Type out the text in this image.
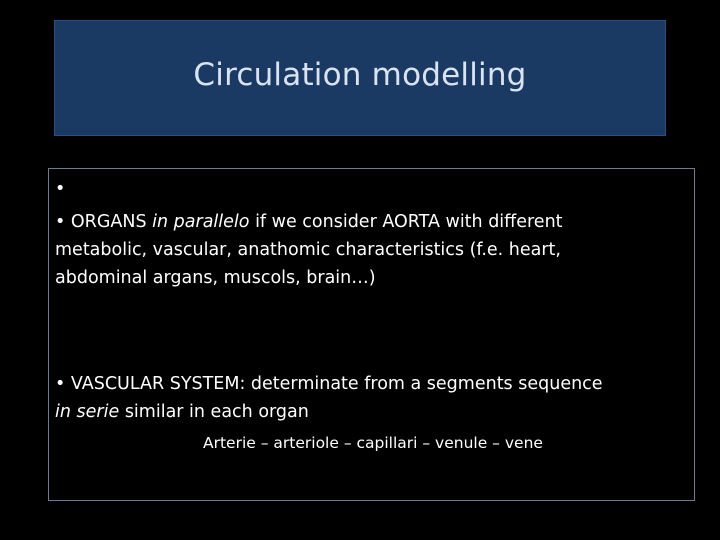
Circulation modelling
•
• ORGANS in parallelo if we consider AORTA with different
metabolic, vascular, anathomic characteristics (f.e. heart,
abdominal argans, muscols, brain…)
• VASCULAR SYSTEM: determinate from a segments sequence
in serie similar in each organ
Arterie – arteriole – capillari – venule – vene
